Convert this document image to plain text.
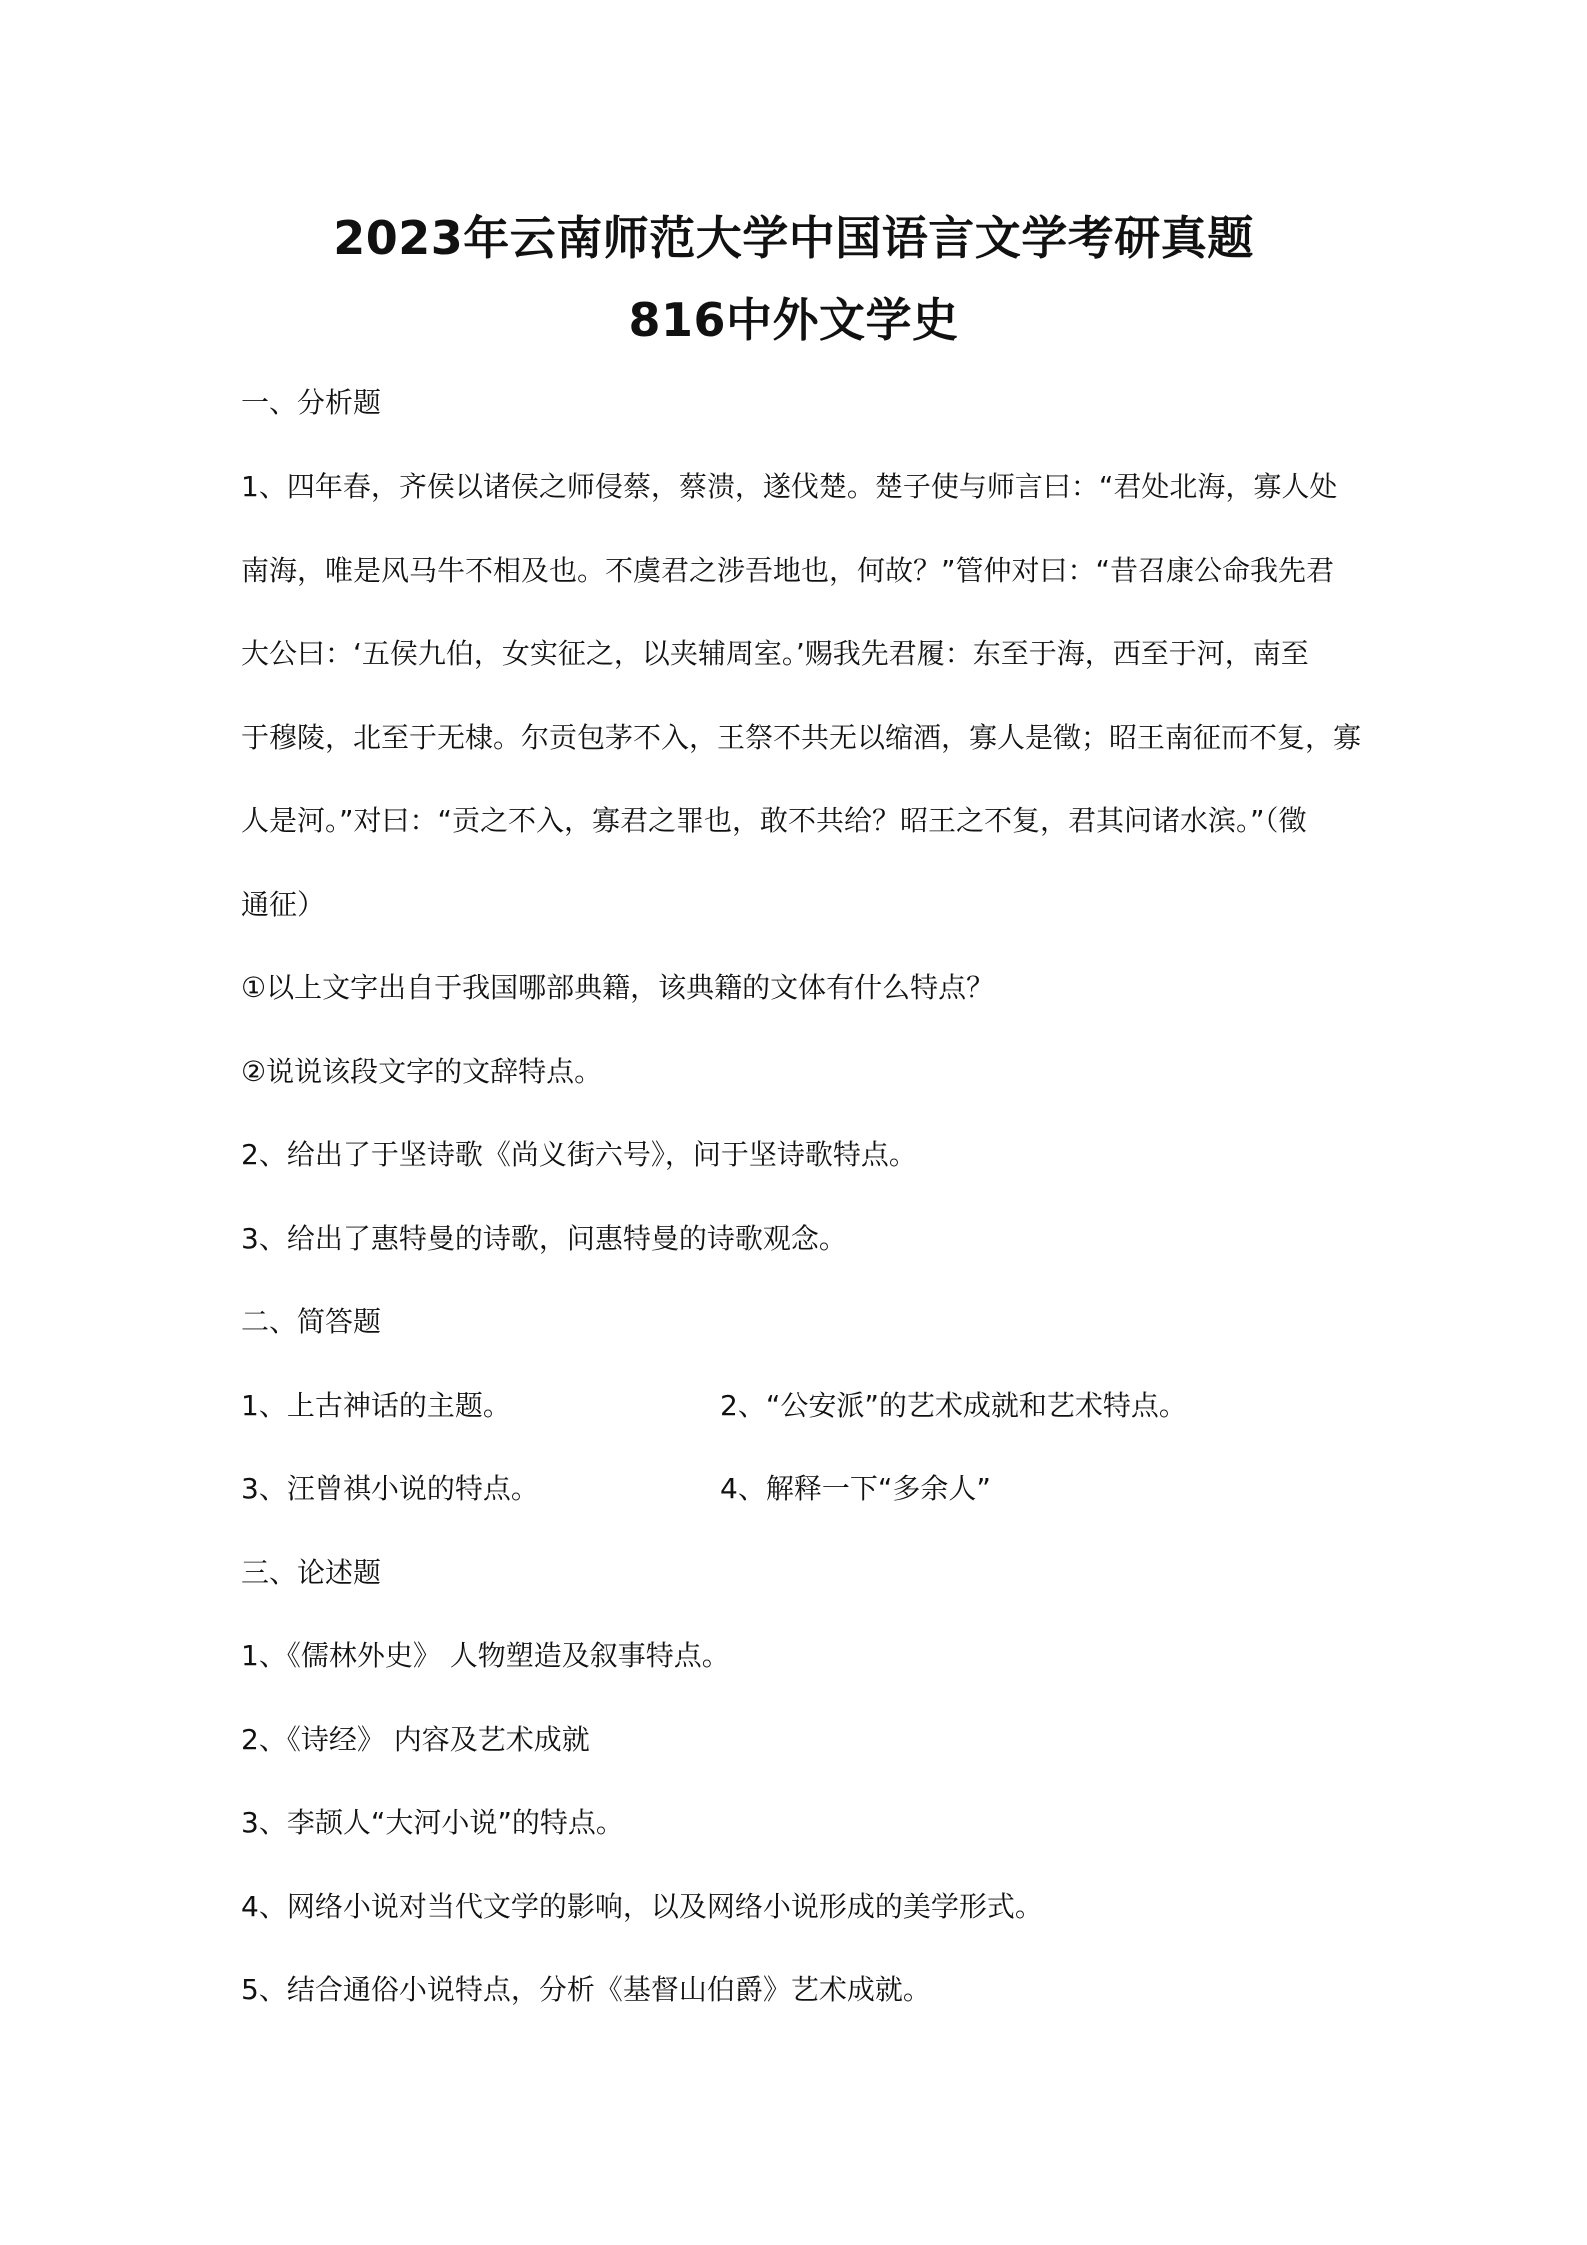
2023年云南师范大学中国语言文学考研真题
816中外文学史
一、分析题
1、四年春，齐侯以诸侯之师侵蔡，蔡溃，遂伐楚。楚子使与师言曰：“君处北海，寡人处
南海，唯是风马牛不相及也。不虞君之涉吾地也，何故？”管仲对曰：“昔召康公命我先君
大公曰：‘五侯九伯，女实征之，以夹辅周室。’赐我先君履：东至于海，西至于河，南至
于穆陵，北至于无棣。尔贡包茅不入，王祭不共无以缩酒，寡人是徵；昭王南征而不复，寡
人是河。”对曰：“贡之不入，寡君之罪也，敢不共给？昭王之不复，君其问诸水滨。”（徵
通征）
①以上文字出自于我国哪部典籍，该典籍的文体有什么特点？
②说说该段文字的文辞特点。
2、给出了于坚诗歌《尚义街六号》，问于坚诗歌特点。
3、给出了惠特曼的诗歌，问惠特曼的诗歌观念。
二、简答题
1、上古神话的主题。	2、“公安派”的艺术成就和艺术特点。
3、汪曾祺小说的特点。	4、解释一下“多余人”
三、论述题
1、《儒林外史》 人物塑造及叙事特点。
2、《诗经》 内容及艺术成就
3、李颉人“大河小说”的特点。
4、网络小说对当代文学的影响，以及网络小说形成的美学形式。
5、结合通俗小说特点，分析《基督山伯爵》艺术成就。
